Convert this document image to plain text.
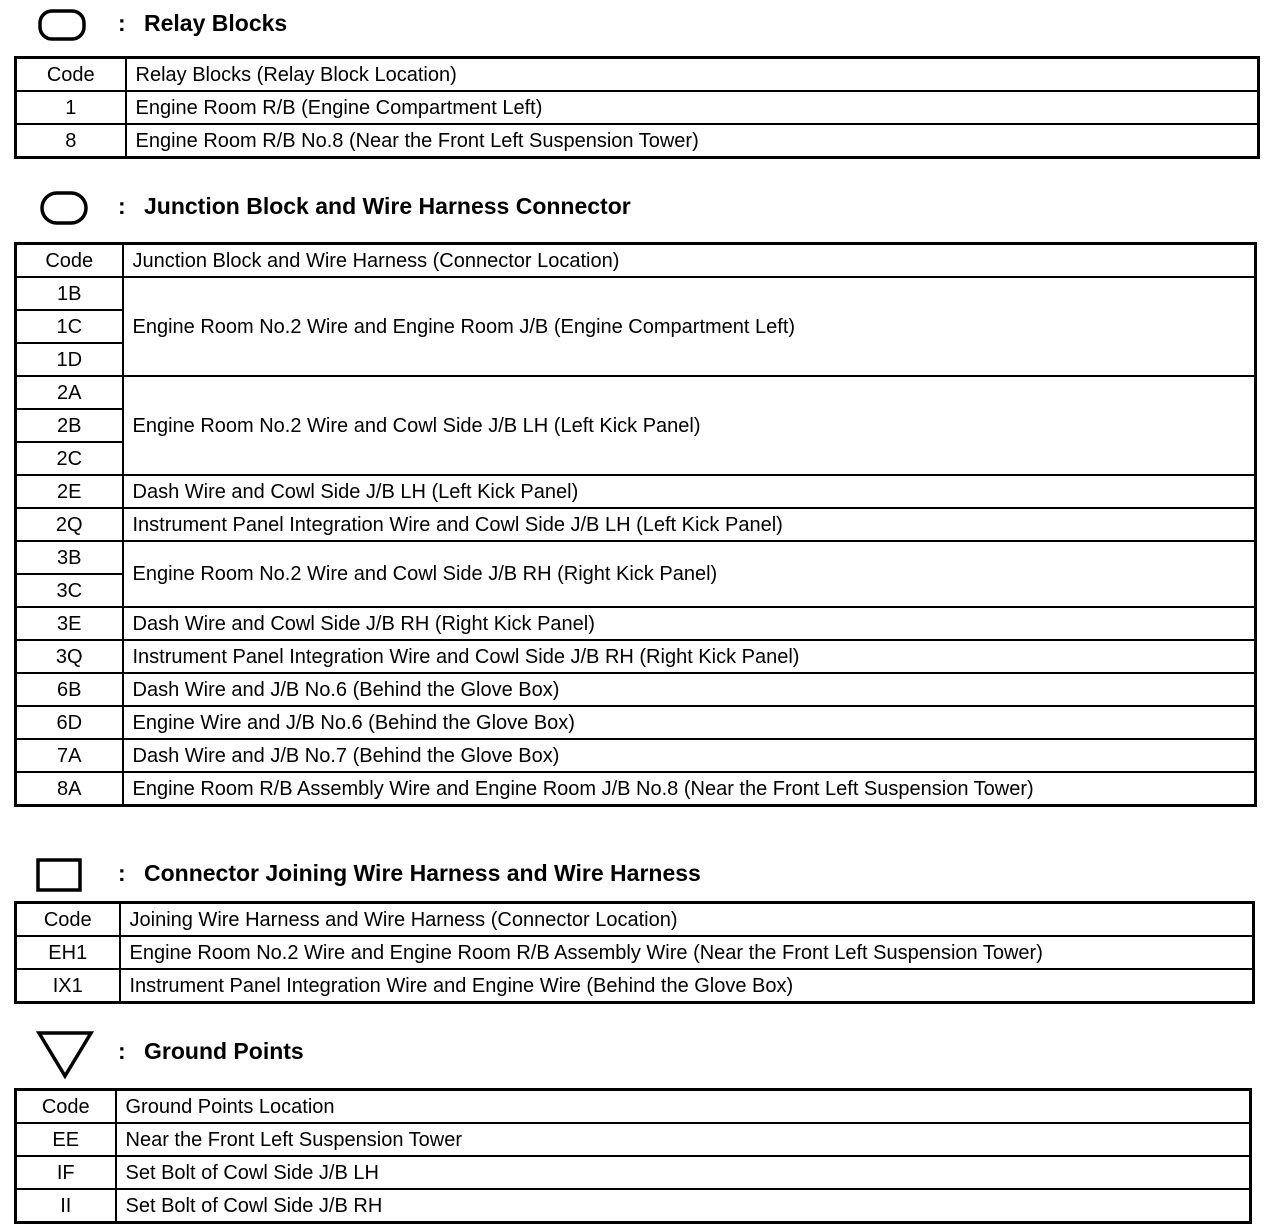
: Relay Blocks
Code	Relay Blocks (Relay Block Location)
1	Engine Room R/B (Engine Compartment Left)
8	Engine Room R/B No.8 (Near the Front Left Suspension Tower)
: Junction Block and Wire Harness Connector
Code	Junction Block and Wire Harness (Connector Location)
1B	Engine Room No.2 Wire and Engine Room J/B (Engine Compartment Left)
1C	
1D	
2A	Engine Room No.2 Wire and Cowl Side J/B LH (Left Kick Panel)
2B	
2C	
2E	Dash Wire and Cowl Side J/B LH (Left Kick Panel)
2Q	Instrument Panel Integration Wire and Cowl Side J/B LH (Left Kick Panel)
3B	Engine Room No.2 Wire and Cowl Side J/B RH (Right Kick Panel)
3C	
3E	Dash Wire and Cowl Side J/B RH (Right Kick Panel)
3Q	Instrument Panel Integration Wire and Cowl Side J/B RH (Right Kick Panel)
6B	Dash Wire and J/B No.6 (Behind the Glove Box)
6D	Engine Wire and J/B No.6 (Behind the Glove Box)
7A	Dash Wire and J/B No.7 (Behind the Glove Box)
8A	Engine Room R/B Assembly Wire and Engine Room J/B No.8 (Near the Front Left Suspension Tower)
: Connector Joining Wire Harness and Wire Harness
Code	Joining Wire Harness and Wire Harness (Connector Location)
EH1	Engine Room No.2 Wire and Engine Room R/B Assembly Wire (Near the Front Left Suspension Tower)
IX1	Instrument Panel Integration Wire and Engine Wire (Behind the Glove Box)
: Ground Points
Code	Ground Points Location
EE	Near the Front Left Suspension Tower
IF	Set Bolt of Cowl Side J/B LH
II	Set Bolt of Cowl Side J/B RH
